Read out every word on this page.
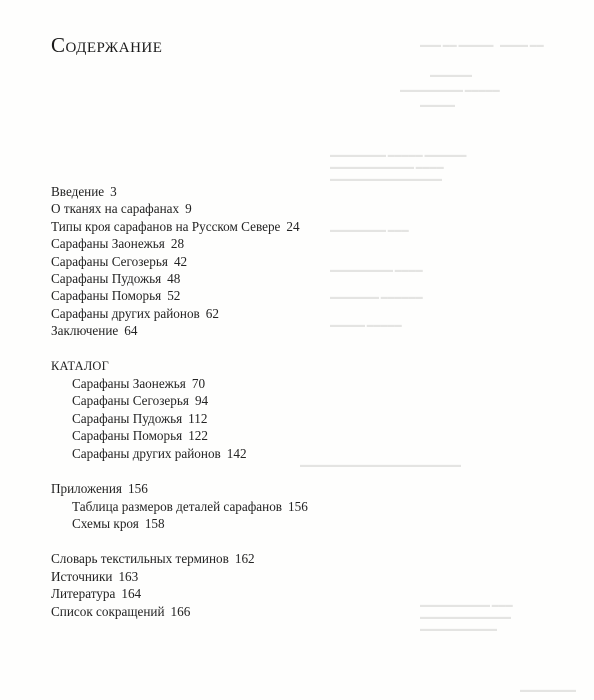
▬▬▬ ▬▬ ▬▬▬▬▬ ▬▬▬▬ ▬▬
▬▬▬▬▬▬
▬▬▬▬▬▬▬▬▬ ▬▬▬▬▬
▬▬▬▬▬
▬▬▬▬▬▬▬▬ ▬▬▬▬▬ ▬▬▬▬▬▬
▬▬▬▬▬▬▬▬▬▬▬▬ ▬▬▬▬
▬▬▬▬▬▬▬▬▬▬▬▬▬▬▬▬
▬▬▬▬▬▬▬▬ ▬▬▬
▬▬▬▬▬▬▬▬▬ ▬▬▬▬
▬▬▬▬▬▬▬ ▬▬▬▬▬▬
▬▬▬▬▬ ▬▬▬▬▬
▬▬▬▬▬▬▬▬▬▬▬▬▬▬▬▬▬▬▬▬▬▬▬
▬▬▬▬▬▬▬▬▬▬ ▬▬▬
▬▬▬▬▬▬▬▬▬▬▬▬▬
▬▬▬▬▬▬▬▬▬▬▬
▬▬▬▬▬▬▬▬
Содержание
Введение 3
О тканях на сарафанах 9
Типы кроя сарафанов на Русском Севере 24
Сарафаны Заонежья 28
Сарафаны Сегозерья 42
Сарафаны Пудожья 48
Сарафаны Поморья 52
Сарафаны других районов 62
Заключение 64
КАТАЛОГ
Сарафаны Заонежья 70
Сарафаны Сегозерья 94
Сарафаны Пудожья 112
Сарафаны Поморья 122
Сарафаны других районов 142
Приложения 156
Таблица размеров деталей сарафанов 156
Схемы кроя 158
Словарь текстильных терминов 162
Источники 163
Литература 164
Список сокращений 166
